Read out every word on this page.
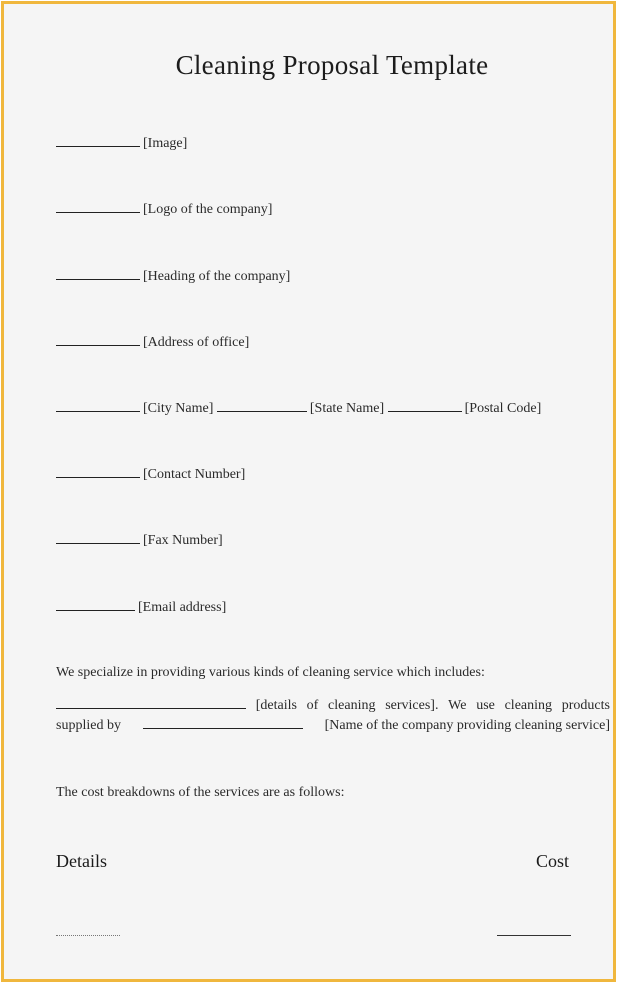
Cleaning Proposal Template
[Image]
[Logo of the company]
[Heading of the company]
[Address of office]
[City Name]	[State Name]	[Postal Code]
[Contact Number]
[Fax Number]
[Email address]
We specialize in providing various kinds of cleaning service which includes:
[details of cleaning services]. We use cleaning products
supplied by	[Name of the company providing cleaning service]
The cost breakdowns of the services are as follows:
Details	Cost
